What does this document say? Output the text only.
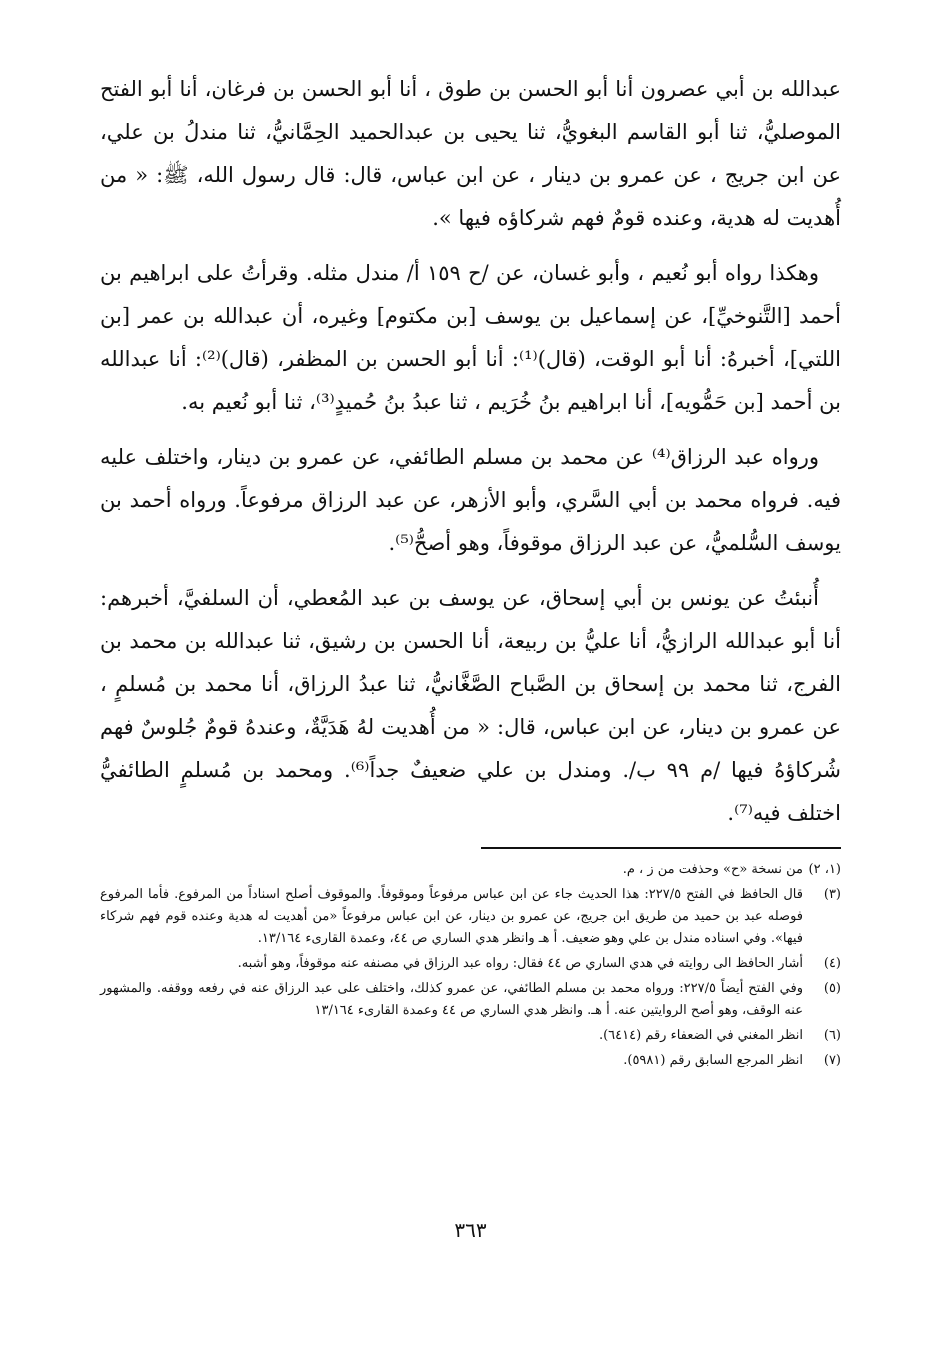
عبدالله بن أبي عصرون أنا أبو الحسن بن طوق ، أنا أبو الحسن بن فرغان، أنا أبو الفتح الموصليُّ، ثنا أبو القاسم البغويُّ، ثنا يحيى بن عبدالحميد الحِمَّانيُّ، ثنا مندلُ بن علي، عن ابن جريج ، عن عمرو بن دينار ، عن ابن عباس، قال: قال رسول الله، ﷺ: « من أُهديت له هدية، وعنده قومٌ فهم شركاؤه فيها ».

وهكذا رواه أبو نُعيم ، وأبو غسان، عن /ح ١٥٩ أ/ مندل مثله. وقرأتُ على ابراهيم بن أحمد [التَّنوخيِّ]، عن إسماعيل بن يوسف [بن مكتوم] وغيره، أن عبدالله بن عمر [بن اللتي]، أخبرهُ: أنا أبو الوقت، (قال)⁽¹⁾: أنا أبو الحسن بن المظفر، (قال)⁽²⁾: أنا عبدالله بن أحمد [بن حَمُّويه]، أنا ابراهيم بنُ خُرَيم ، ثنا عبدُ بنُ حُميدٍ⁽³⁾، ثنا أبو نُعيم به.

ورواه عبد الرزاق⁽⁴⁾ عن محمد بن مسلم الطائفي، عن عمرو بن دينار، واختلف عليه فيه. فرواه محمد بن أبي السَّري، وأبو الأزهر، عن عبد الرزاق مرفوعاً. ورواه أحمد بن يوسف السُّلميُّ، عن عبد الرزاق موقوفاً، وهو أصحُّ⁽⁵⁾.

أُنبئتُ عن يونس بن أبي إسحاق، عن يوسف بن عبد المُعطي، أن السلفيَّ، أخبرهم: أنا أبو عبدالله الرازيُّ، أنا عليُّ بن ربيعة، أنا الحسن بن رشيق، ثنا عبدالله بن محمد بن الفرج، ثنا محمد بن إسحاق بن الصَّباح الصَّغَّانيُّ، ثنا عبدُ الرزاق، أنا محمد بن مُسلمٍ ، عن عمرو بن دينار، عن ابن عباس، قال: « من أُهديت لهُ هَدَيَّةٌ، وعندهُ قومٌ جُلوسٌ فهم شُركاؤهُ فيها /م ٩٩ ب/. ومندل بن علي ضعيفٌ جداً⁽⁶⁾. ومحمد بن مُسلمٍ الطائفيُّ اختلف فيه⁽⁷⁾.

(١، ٢)
من نسخة «ح» وحذفت من ز ، م.
(٣)
قال الحافظ في الفتح ٢٢٧/٥: هذا الحديث جاء عن ابن عباس مرفوعاً وموقوفاً. والموقوف أصلح اسناداً من المرفوع. فأما المرفوع فوصله عبد بن حميد من طريق ابن جريج، عن عمرو بن دينار، عن ابن عباس مرفوعاً «من أهديت له هدية وعنده قوم فهم شركاء فيها». وفي اسناده مندل بن علي وهو ضعيف. أ هـ وانظر هدي الساري ص ٤٤، وعمدة القارىء ١٣/١٦٤.
(٤)
أشار الحافظ الى روايته في هدي الساري ص ٤٤ فقال: رواه عبد الرزاق في مصنفه عنه موقوفاً، وهو أشبه.
(٥)
وفي الفتح أيضاً ٢٢٧/٥: ورواه محمد بن مسلم الطائفي، عن عمرو كذلك، واختلف على عبد الرزاق عنه في رفعه ووقفه. والمشهور عنه الوقف، وهو أصح الروايتين عنه. أ هـ. وانظر هدي الساري ص ٤٤ وعمدة القارىء ١٣/١٦٤
(٦)
انظر المغني في الضعفاء رقم (٦٤١٤).
(٧)
انظر المرجع السابق رقم (٥٩٨١).
٣٦٣
